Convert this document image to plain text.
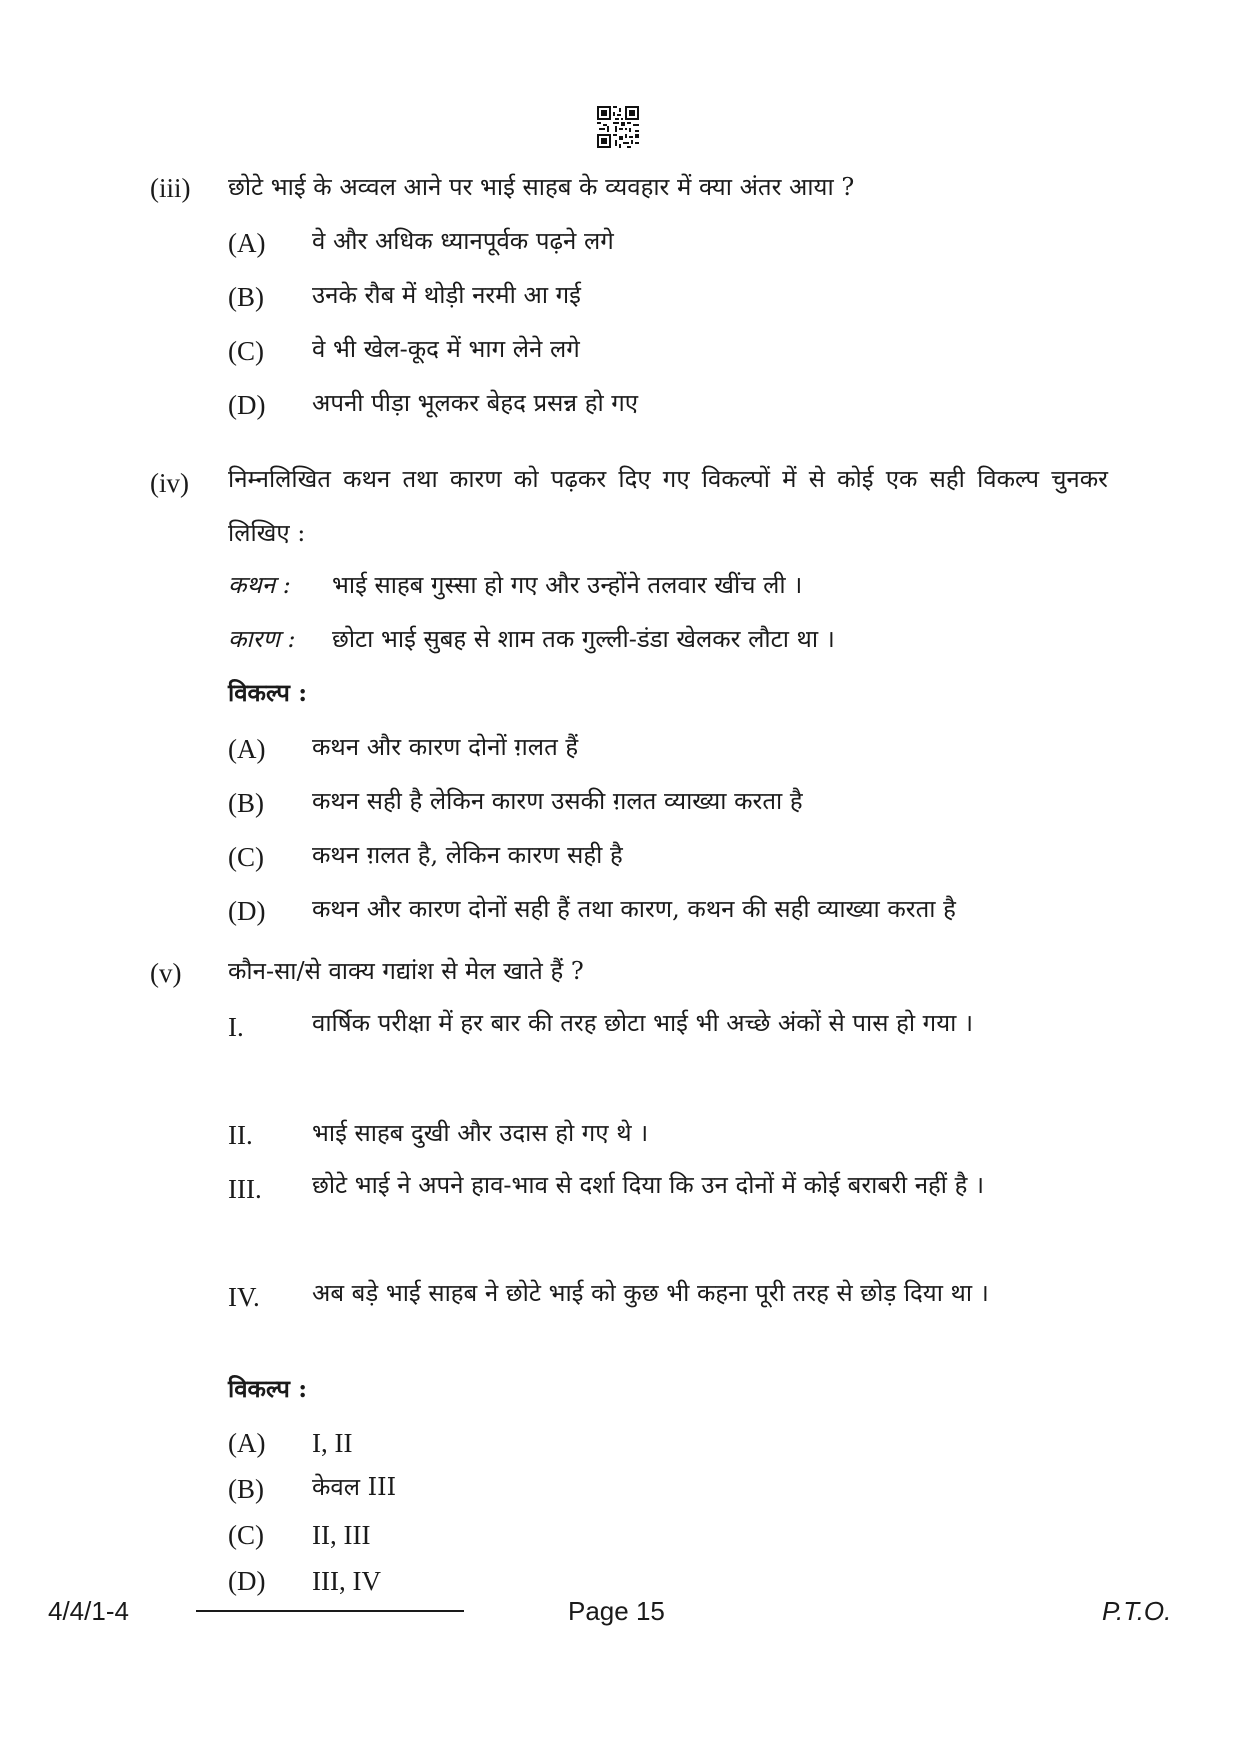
(iii) छोटे भाई के अव्वल आने पर भाई साहब के व्यवहार में क्या अंतर आया ?
(A) वे और अधिक ध्यानपूर्वक पढ़ने लगे
(B) उनके रौब में थोड़ी नरमी आ गई
(C) वे भी खेल-कूद में भाग लेने लगे
(D) अपनी पीड़ा भूलकर बेहद प्रसन्न हो गए
(iv) निम्नलिखित कथन तथा कारण को पढ़कर दिए गए विकल्पों में से कोई एक सही विकल्प चुनकर लिखिए :
कथन : भाई साहब गुस्सा हो गए और उन्होंने तलवार खींच ली ।
कारण : छोटा भाई सुबह से शाम तक गुल्ली-डंडा खेलकर लौटा था ।
विकल्प :
(A) कथन और कारण दोनों ग़लत हैं
(B) कथन सही है लेकिन कारण उसकी ग़लत व्याख्या करता है
(C) कथन ग़लत है, लेकिन कारण सही है
(D) कथन और कारण दोनों सही हैं तथा कारण, कथन की सही व्याख्या करता है
(v) कौन-सा/से वाक्य गद्यांश से मेल खाते हैं ?
I.	वार्षिक परीक्षा में हर बार की तरह छोटा भाई भी अच्छे अंकों से पास हो गया ।
II. भाई साहब दुखी और उदास हो गए थे ।
III. छोटे भाई ने अपने हाव-भाव से दर्शा दिया कि उन दोनों में कोई बराबरी नहीं है ।
IV. अब बड़े भाई साहब ने छोटे भाई को कुछ भी कहना पूरी तरह से छोड़ दिया था ।
विकल्प :
(A) I, II
(B) केवल III
(C) II, III
(D) III, IV
4/4/1-4	Page 15	P.T.O.
